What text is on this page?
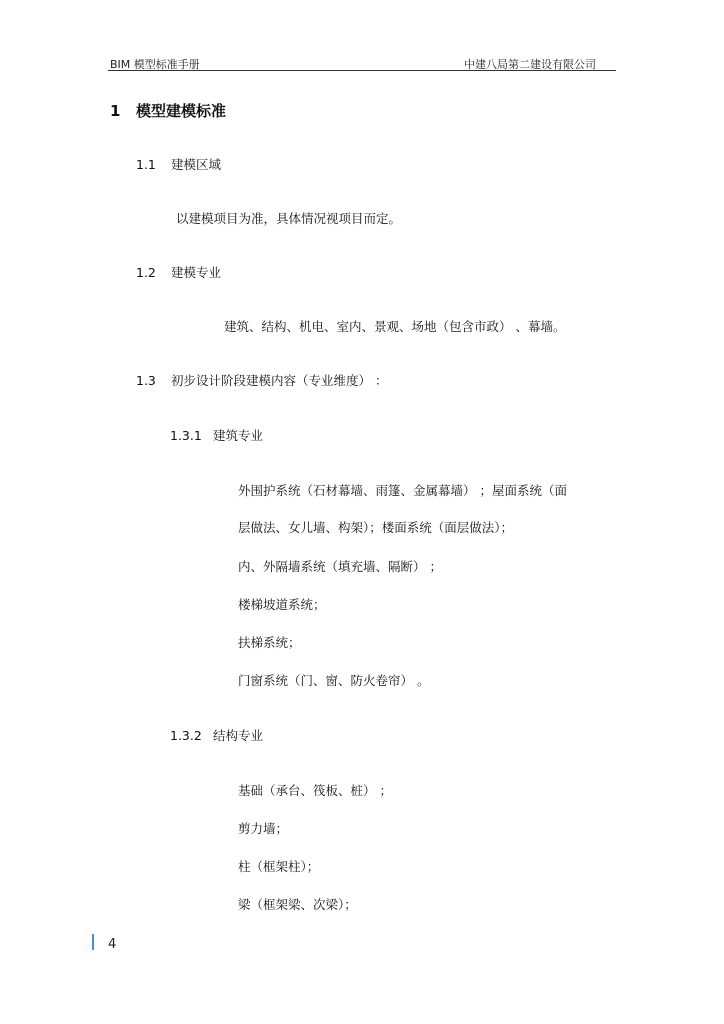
BIM 模型标准手册	中建八局第二建设有限公司
1 模型建模标准
1.1 建模区域
以建模项目为准，具体情况视项目而定。
1.2 建模专业
建筑、结构、机电、室内、景观、场地（包含市政） 、幕墙。
1.3 初步设计阶段建模内容（专业维度） ：
1.3.1 建筑专业
外围护系统（石材幕墙、雨篷、金属幕墙） ；屋面系统（面
层做法、女儿墙、构架）；楼面系统（面层做法）；
内、外隔墙系统（填充墙、隔断） ；
楼梯坡道系统；
扶梯系统；
门窗系统（门、窗、防火卷帘） 。
1.3.2 结构专业
基础（承台、筏板、桩） ；
剪力墙；
柱（框架柱）；
梁（框架梁、次梁）；
4
